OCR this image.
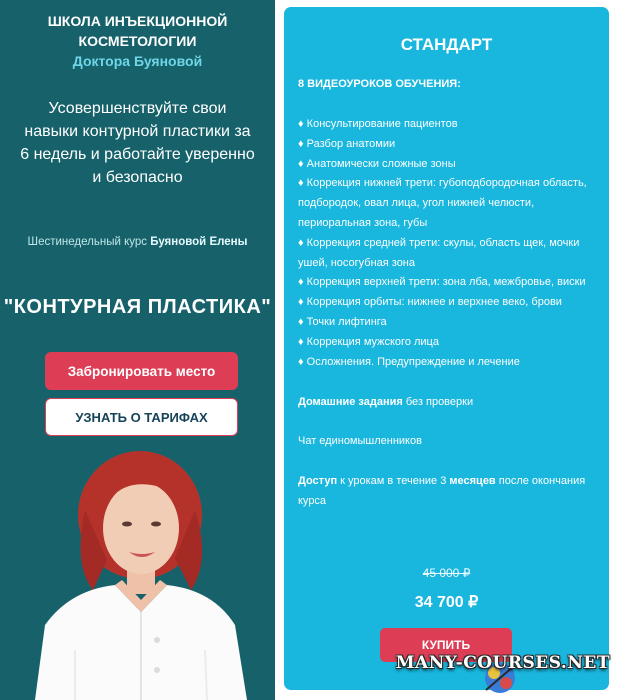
ШКОЛА ИНЪЕКЦИОННОЙ
КОСМЕТОЛОГИИ
Доктора Буяновой
Усовершенствуйте свои навыки контурной пластики за 6 недель и работайте уверенно и безопасно
Шестинедельный курс Буяновой Елены
"КОНТУРНАЯ ПЛАСТИКА"
Забронировать место
УЗНАТЬ О ТАРИФАХ
СТАНДАРТ
8 ВИДЕОУРОКОВ ОБУЧЕНИЯ:
♦ Консультирование пациентов
♦ Разбор анатомии
♦ Анатомически сложные зоны
♦ Коррекция нижней трети: губоподбородочная область, подбородок, овал лица, угол нижней челюсти, периоральная зона, губы
♦ Коррекция средней трети: скулы, область щек, мочки ушей, носогубная зона
♦ Коррекция верхней трети: зона лба, межбровье, виски
♦ Коррекция орбиты: нижнее и верхнее веко, брови
♦ Точки лифтинга
♦ Коррекция мужского лица
♦ Осложнения. Предупреждение и лечение
Домашние задания без проверки
Чат единомышленников
Доступ к урокам в течение 3 месяцев после окончания курса
45 000 ₽
34 700 ₽
КУПИТЬ
MANY-COURSES.NET
